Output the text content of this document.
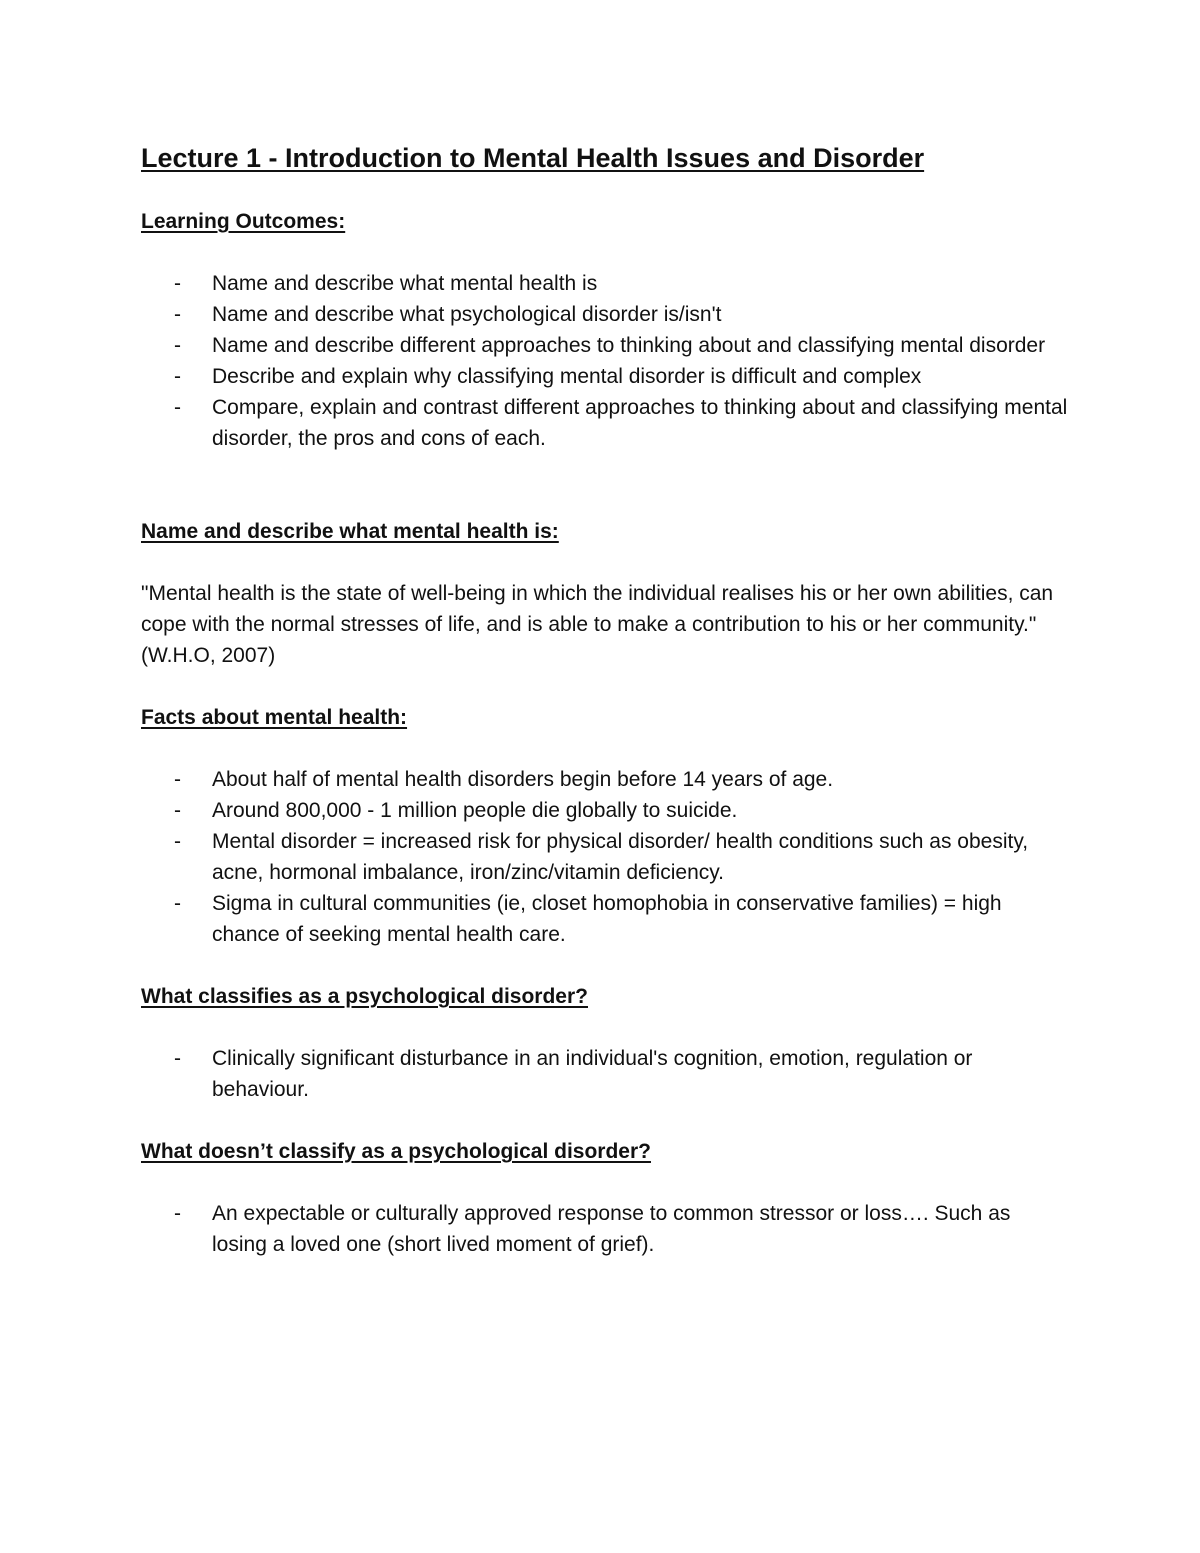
Lecture 1 - Introduction to Mental Health Issues and Disorder
Learning Outcomes:
- Name and describe what mental health is
- Name and describe what psychological disorder is/isn't
- Name and describe different approaches to thinking about and classifying mental disorder
- Describe and explain why classifying mental disorder is difficult and complex
- Compare, explain and contrast different approaches to thinking about and classifying mental disorder, the pros and cons of each.
Name and describe what mental health is:

"Mental health is the state of well-being in which the individual realises his or her own abilities, can cope with the normal stresses of life, and is able to make a contribution to his or her community." (W.H.O, 2007)

Facts about mental health:
- About half of mental health disorders begin before 14 years of age.
- Around 800,000 - 1 million people die globally to suicide.
- Mental disorder = increased risk for physical disorder/ health conditions such as obesity, acne, hormonal imbalance, iron/zinc/vitamin deficiency.
- Sigma in cultural communities (ie, closet homophobia in conservative families) = high chance of seeking mental health care.
What classifies as a psychological disorder?
- Clinically significant disturbance in an individual's cognition, emotion, regulation or behaviour.
What doesn’t classify as a psychological disorder?
- An expectable or culturally approved response to common stressor or loss…. Such as losing a loved one (short lived moment of grief).
